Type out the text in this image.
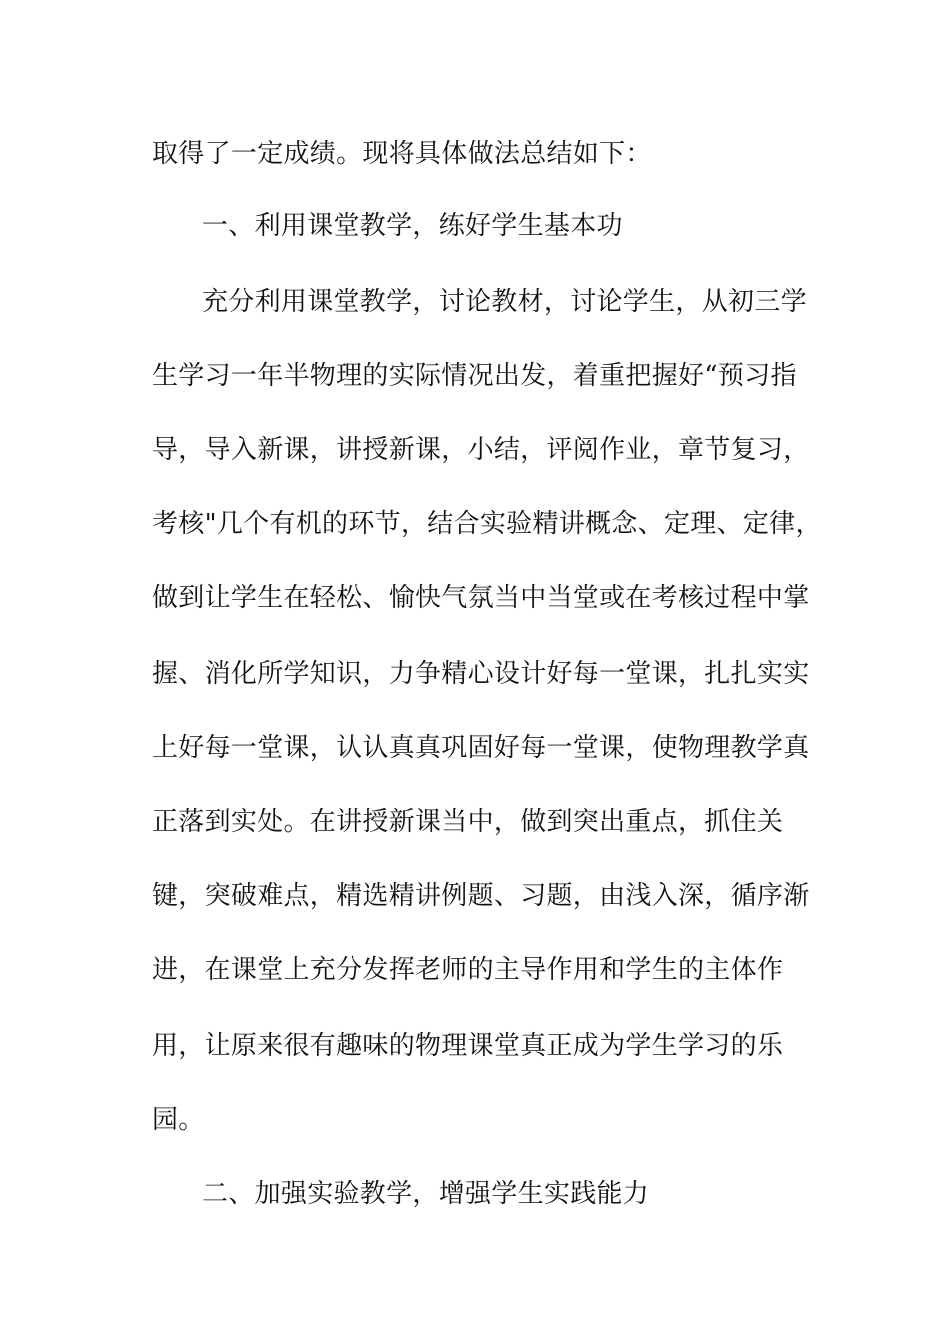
取得了一定成绩。现将具体做法总结如下：
一、利用课堂教学，练好学生基本功
充分利用课堂教学，讨论教材，讨论学生，从初三学
生学习一年半物理的实际情况出发，着重把握好“预习指
导，导入新课，讲授新课，小结，评阅作业，章节复习，
考核"几个有机的环节，结合实验精讲概念、定理、定律，
做到让学生在轻松、愉快气氛当中当堂或在考核过程中掌
握、消化所学知识，力争精心设计好每一堂课，扎扎实实
上好每一堂课，认认真真巩固好每一堂课，使物理教学真
正落到实处。在讲授新课当中，做到突出重点，抓住关
键，突破难点，精选精讲例题、习题，由浅入深，循序渐
进，在课堂上充分发挥老师的主导作用和学生的主体作
用，让原来很有趣味的物理课堂真正成为学生学习的乐
园。
二、加强实验教学，增强学生实践能力
